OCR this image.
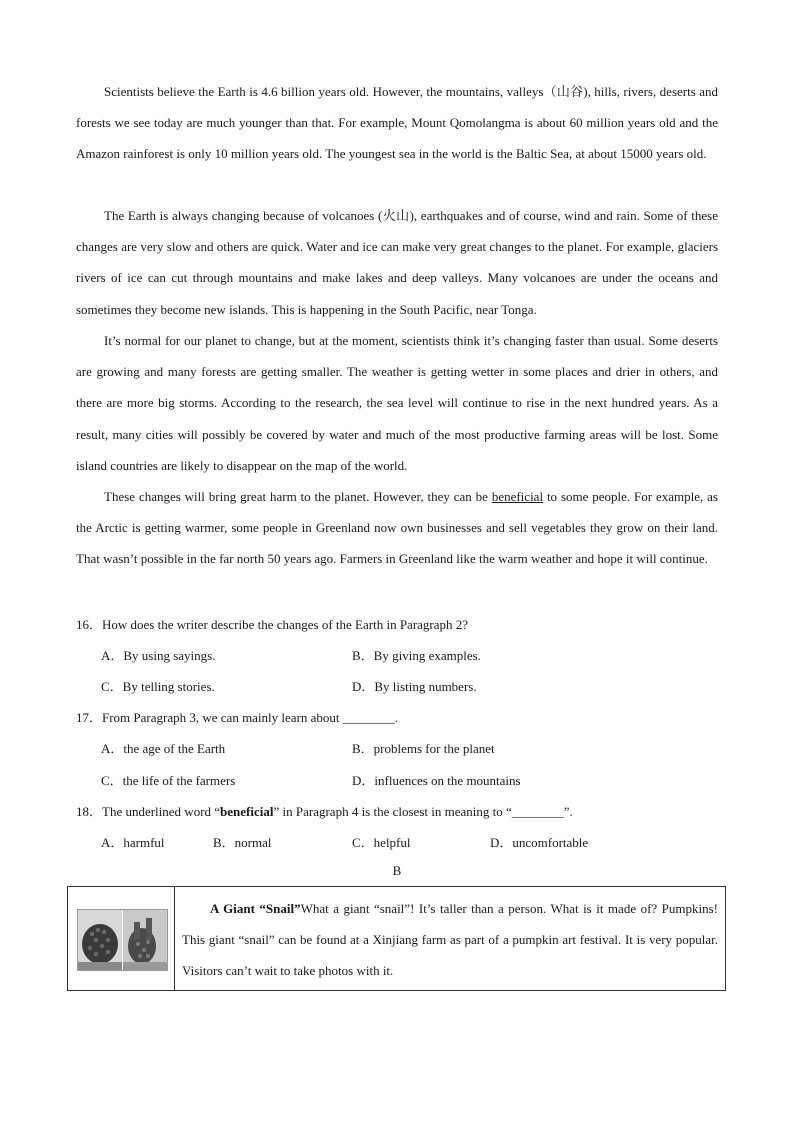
Scientists believe the Earth is 4.6 billion years old. However, the mountains, valleys（山谷), hills, rivers, deserts and forests we see today are much younger than that. For example, Mount Qomolangma is about 60 million years old and the Amazon rainforest is only 10 million years old. The youngest sea in the world is the Baltic Sea, at about 15000 years old.

The Earth is always changing because of volcanoes (火山), earthquakes and of course, wind and rain. Some of these changes are very slow and others are quick. Water and ice can make very great changes to the planet. For example, glaciers rivers of ice can cut through mountains and make lakes and deep valleys. Many volcanoes are under the oceans and sometimes they become new islands. This is happening in the South Pacific, near Tonga.

It’s normal for our planet to change, but at the moment, scientists think it’s changing faster than usual. Some deserts are growing and many forests are getting smaller. The weather is getting wetter in some places and drier in others, and there are more big storms. According to the research, the sea level will continue to rise in the next hundred years. As a result, many cities will possibly be covered by water and much of the most productive farming areas will be lost. Some island countries are likely to disappear on the map of the world.

These changes will bring great harm to the planet. However, they can be beneficial to some people. For example, as the Arctic is getting warmer, some people in Greenland now own businesses and sell vegetables they grow on their land. That wasn’t possible in the far north 50 years ago. Farmers in Greenland like the warm weather and hope it will continue.

16．How does the writer describe the changes of the Earth in Paragraph 2?

A．By using sayings.	B．By giving examples.

C．By telling stories.	D．By listing numbers.

17．From Paragraph 3, we can mainly learn about ________.

A．the age of the Earth	B．problems for the planet

C．the life of the farmers	D．influences on the mountains

18．The underlined word “beneficial” in Paragraph 4 is the closest in meaning to “________”.

A．harmful	B．normal	C．helpful	D．uncomfortable

B

A Giant “Snail”What a giant “snail”! It’s taller than a person. What is it made of? Pumpkins! This giant “snail” can be found at a Xinjiang farm as part of a pumpkin art festival. It is very popular. Visitors can’t wait to take photos with it.
